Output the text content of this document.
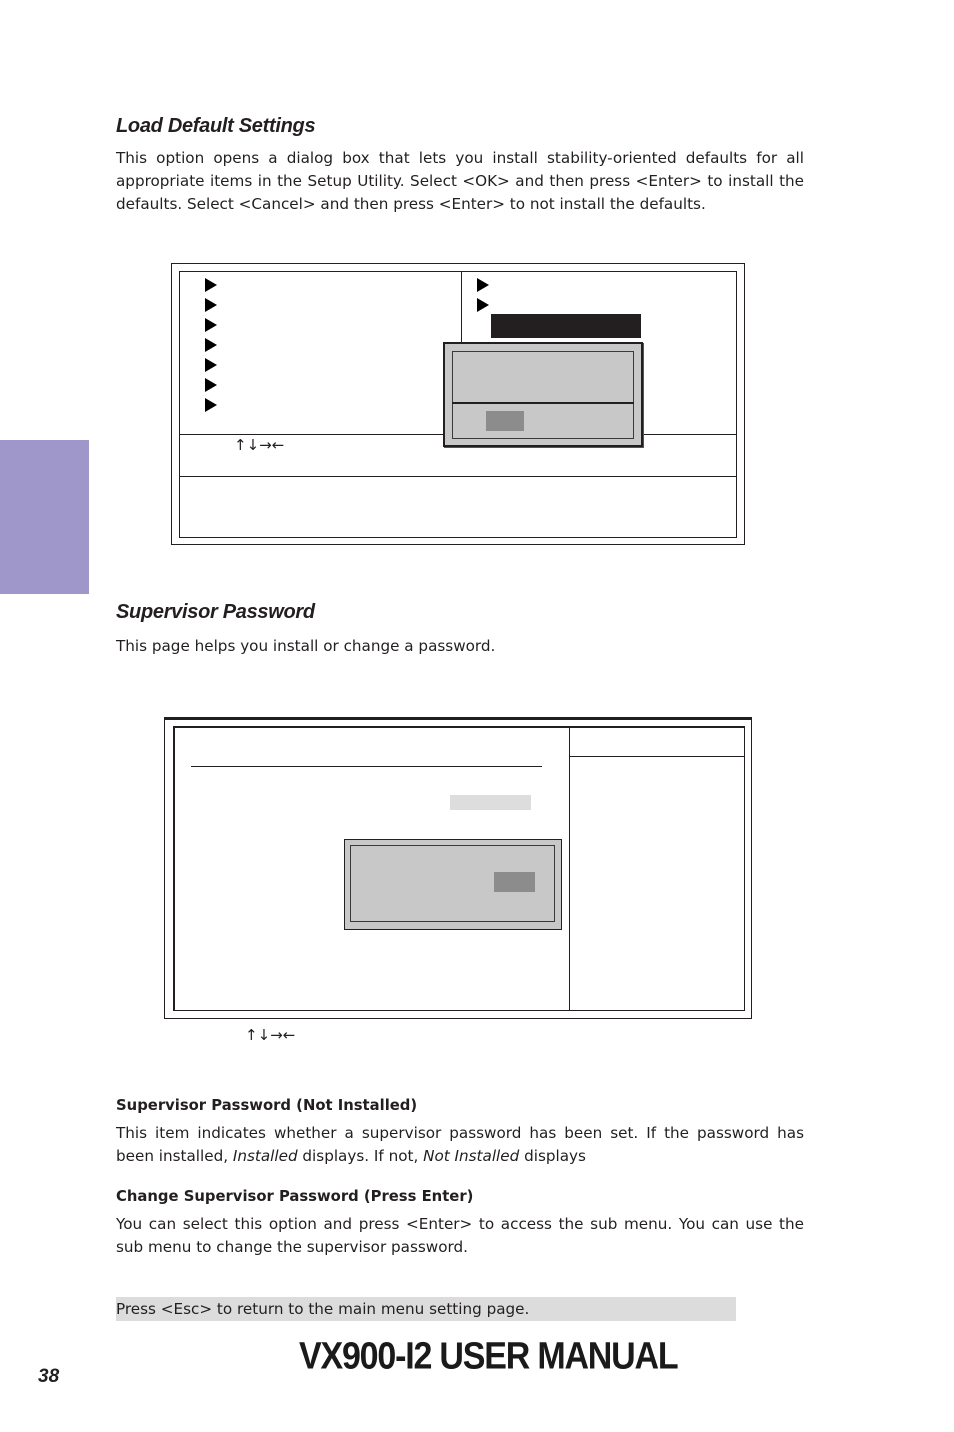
Load Default Settings
This option opens a dialog box that lets you install stability-oriented defaults for all appropriate items in the Setup Utility. Select <OK> and then press <Enter> to install the defaults. Select <Cancel> and then press <Enter> to not install the defaults.
↑↓→←
Supervisor Password
This page helps you install or change a password.
↑↓→←
Supervisor Password (Not Installed)
This item indicates whether a supervisor password has been set. If the password has been installed, Installed displays. If not, Not Installed displays
Change Supervisor Password (Press Enter)
You can select this option and press <Enter> to access the sub menu. You can use the sub menu to change the supervisor password.
Press <Esc> to return to the main menu setting page.
38	VX900-I2 USER MANUAL
